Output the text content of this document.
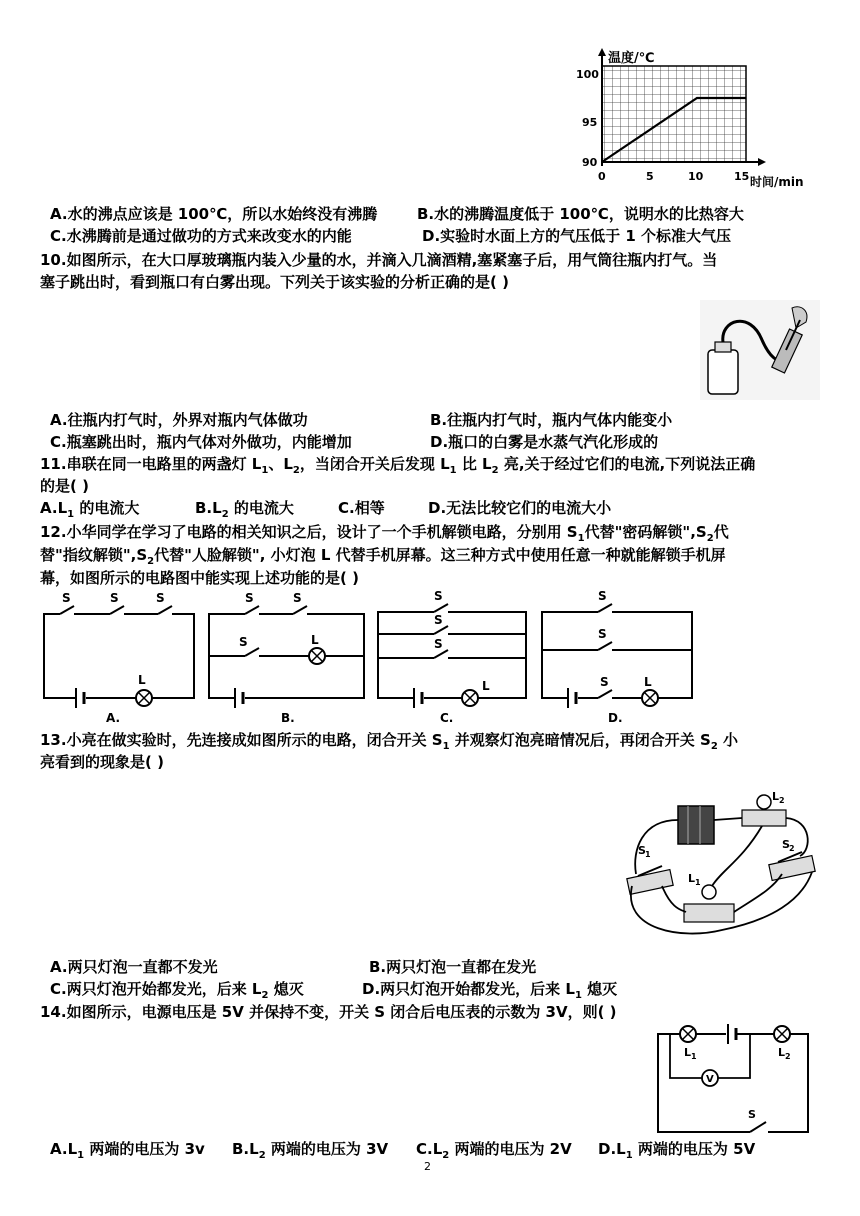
温度/℃
100
95
90
0	5	10	15 时间/min
A.水的沸点应该是 100℃，所以水始终没有沸腾	B.水的沸腾温度低于 100℃，说明水的比热容大
C.水沸腾前是通过做功的方式来改变水的内能	D.实验时水面上方的气压低于 1 个标准大气压
10.如图所示，在大口厚玻璃瓶内装入少量的水，并滴入几滴酒精,塞紧塞子后，用气筒往瓶内打气。当
塞子跳出时，看到瓶口有白雾出现。下列关于该实验的分析正确的是( )
A.往瓶内打气时，外界对瓶内气体做功	B.往瓶内打气时，瓶内气体内能变小
C.瓶塞跳出时，瓶内气体对外做功，内能增加	D.瓶口的白雾是水蒸气汽化形成的
11.串联在同一电路里的两盏灯 $L_1$、$L_2$，当闭合开关后发现 $L_1$ 比 $L_2$ 亮,关于经过它们的电流,下列说法正确
的是( )
$A.L_1$ 的电流大	$B.L_2$ 的电流大	C.相等	D.无法比较它们的电流大小
12.小华同学在学习了电路的相关知识之后，设计了一个手机解锁电路，分别用 $S_1$代替"密码解锁"$,S_2$代
替"指纹解锁"$,S_2$代替"人脸解锁", 小灯泡 L 代替手机屏幕。这三种方式中使用任意一种就能解锁手机屏
幕，如图所示的电路图中能实现上述功能的是( )
S	S	S
L
A.
S	S
S	L
B.
S
S
S
L
C.
S
S
S	L
D.
13.小亮在做实验时，先连接成如图所示的电路，闭合开关 $S_1$ 并观察灯泡亮暗情况后，再闭合开关 $S_2$ 小
亮看到的现象是( )
L 2
S 1
S 2
L 1
A.两只灯泡一直都不发光	B.两只灯泡一直都在发光
C.两只灯泡开始都发光，后来 $L_2$ 熄灭	D.两只灯泡开始都发光，后来 $L_1$ 熄灭
14.如图所示，电源电压是 5V 并保持不变，开关 S 闭合后电压表的示数为 3V，则( )
L 1	L 2
V
S
$A.L_1$ 两端的电压为 3v $B.L_2$ 两端的电压为 3V $C.L_2$ 两端的电压为 2V $D.L_1$ 两端的电压为 5V
2
